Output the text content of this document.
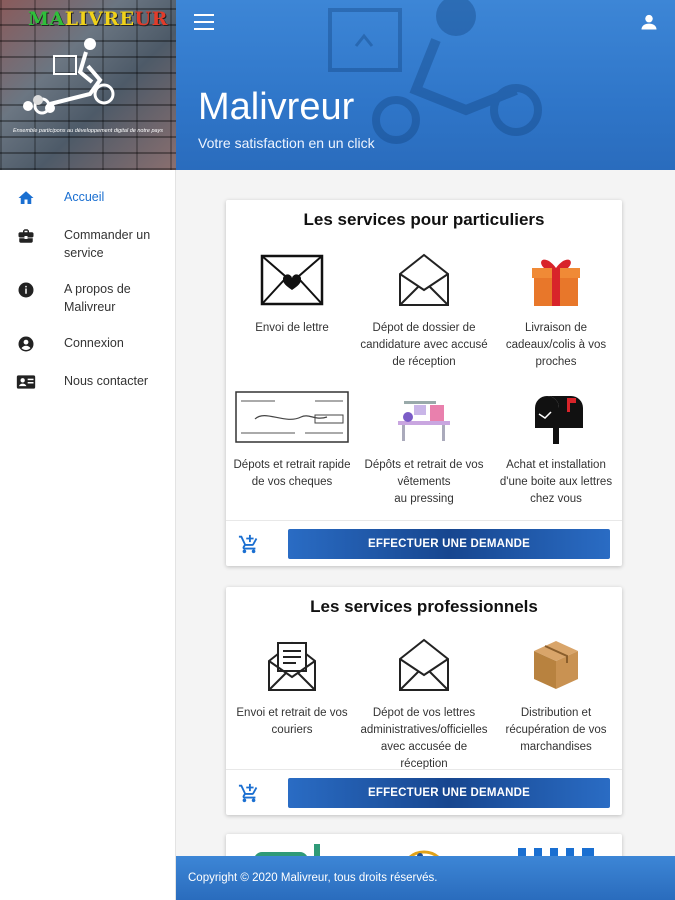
MALIVREUR
Ensemble participons au développement digital de notre pays
Accueil
Commander un service
A propos de Malivreur
Connexion
Nous contacter
Malivreur
Votre satisfaction en un click
Les services pour particuliers
Envoi de lettre	Dépot de dossier de candidature avec accusé de réception
Livraison de cadeaux/colis à vos proches
Dépots et retrait rapide de vos cheques
Dépôts et retrait de vos vêtements
au pressing
Achat et installation d'une boite aux lettres chez vous
EFFECTUER UNE DEMANDE
Les services professionnels
Envoi et retrait de vos couriers
Dépot de vos lettres administratives/officielles avec accusée de réception
Distribution et récupération de vos marchandises
EFFECTUER UNE DEMANDE
Copyright © 2020 Malivreur, tous droits réservés.
